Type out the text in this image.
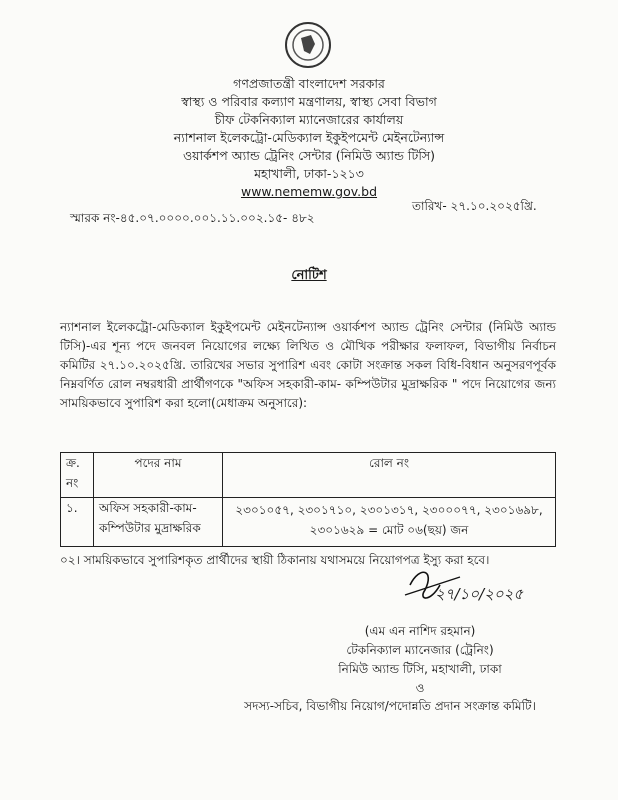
গণপ্রজাতন্ত্রী বাংলাদেশ সরকার
স্বাস্থ্য ও পরিবার কল্যাণ মন্ত্রণালয়, স্বাস্থ্য সেবা বিভাগ
চীফ টেকনিক্যাল ম্যানেজারের কার্যালয়
ন্যাশনাল ইলেকট্রো-মেডিক্যাল ইকুইপমেন্ট মেইনটেন্যান্স
ওয়ার্কশপ অ্যান্ড ট্রেনিং সেন্টার (নিমিউ অ্যান্ড টিসি)
মহাখালী, ঢাকা-১২১৩
www.nememw.gov.bd
তারিখ- ২৭.১০.২০২৫খ্রি.
স্মারক নং-৪৫.০৭.০০০০.০০১.১১.০০২.১৫- ৪৮২
নোটিশ
ন্যাশনাল ইলেকট্রো-মেডিক্যাল ইকুইপমেন্ট মেইনটেন্যান্স ওয়ার্কশপ অ্যান্ড ট্রেনিং সেন্টার (নিমিউ অ্যান্ড টিসি)-এর শূন্য পদে জনবল নিয়োগের লক্ষ্যে লিখিত ও মৌখিক পরীক্ষার ফলাফল, বিভাগীয় নির্বাচন কমিটির ২৭.১০.২০২৫খ্রি. তারিখের সভার সুপারিশ এবং কোটা সংক্রান্ত সকল বিধি-বিধান অনুসরণপূর্বক নিম্নবর্ণিত রোল নম্বরধারী প্রার্থীগণকে "অফিস সহকারী-কাম- কম্পিউটার মুদ্রাক্ষরিক " পদে নিয়োগের জন্য সাময়িকভাবে সুপারিশ করা হলো(মেধাক্রম অনুসারে):
ক্র. নং	পদের নাম	রোল নং
১.	অফিস সহকারী-কাম- কম্পিউটার মুদ্রাক্ষরিক	২৩০১০৫৭, ২৩০১৭১০, ২৩০১৩১৭, ২৩০০০৭৭, ২৩০১৬৯৮, ২৩০১৬২৯ = মোট ০৬(ছয়) জন
০২। সাময়িকভাবে সুপারিশকৃত প্রার্থীদের স্থায়ী ঠিকানায় যথাসময়ে নিয়োগপত্র ইস্যু করা হবে।
২৭/১০/২০২৫
(এম এন নাশিদ রহমান)
টেকনিক্যাল ম্যানেজার (ট্রেনিং)
নিমিউ অ্যান্ড টিসি, মহাখালী, ঢাকা
ও
সদস্য-সচিব, বিভাগীয় নিয়োগ/পদোন্নতি প্রদান সংক্রান্ত কমিটি।
